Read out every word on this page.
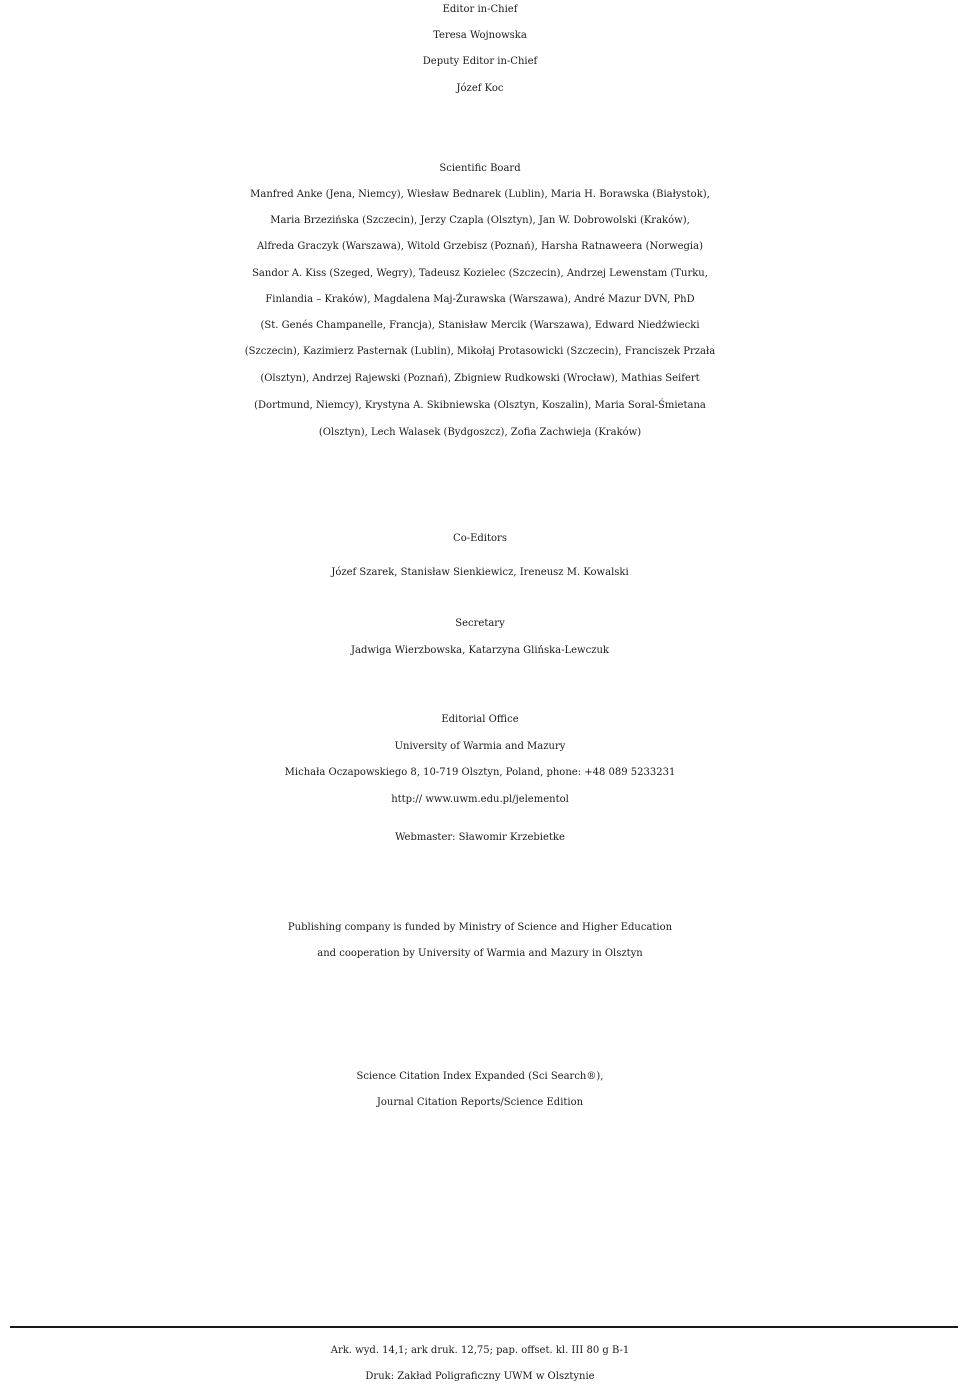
Editor in-Chief
Teresa Wojnowska
Deputy Editor in-Chief
Józef Koc
Scientific Board
Manfred Anke (Jena, Niemcy), Wiesław Bednarek (Lublin), Maria H. Borawska (Białystok),
Maria Brzezińska (Szczecin), Jerzy Czapla (Olsztyn), Jan W. Dobrowolski (Kraków),
Alfreda Graczyk (Warszawa), Witold Grzebisz (Poznań), Harsha Ratnaweera (Norwegia)
Sandor A. Kiss (Szeged, Wegry), Tadeusz Kozielec (Szczecin), Andrzej Lewenstam (Turku,
Finlandia – Kraków), Magdalena Maj-Żurawska (Warszawa), André Mazur DVN, PhD
(St. Genés Champanelle, Francja), Stanisław Mercik (Warszawa), Edward Niedźwiecki
(Szczecin), Kazimierz Pasternak (Lublin), Mikołaj Protasowicki (Szczecin), Franciszek Przała
(Olsztyn), Andrzej Rajewski (Poznań), Zbigniew Rudkowski (Wrocław), Mathias Seifert
(Dortmund, Niemcy), Krystyna A. Skibniewska (Olsztyn, Koszalin), Maria Soral-Śmietana
(Olsztyn), Lech Walasek (Bydgoszcz), Zofia Zachwieja (Kraków)
Co-Editors
Józef Szarek, Stanisław Sienkiewicz, Ireneusz M. Kowalski
Secretary
Jadwiga Wierzbowska, Katarzyna Glińska-Lewczuk
Editorial Office
University of Warmia and Mazury
Michała Oczapowskiego 8, 10-719 Olsztyn, Poland, phone: +48 089 5233231
http:// www.uwm.edu.pl/jelementol
Webmaster: Sławomir Krzebietke
Publishing company is funded by Ministry of Science and Higher Education
and cooperation by University of Warmia and Mazury in Olsztyn
Science Citation Index Expanded (Sci Search®),
Journal Citation Reports/Science Edition
Ark. wyd. 14,1; ark druk. 12,75; pap. offset. kl. III 80 g B-1
Druk: Zakład Poligraficzny UWM w Olsztynie
